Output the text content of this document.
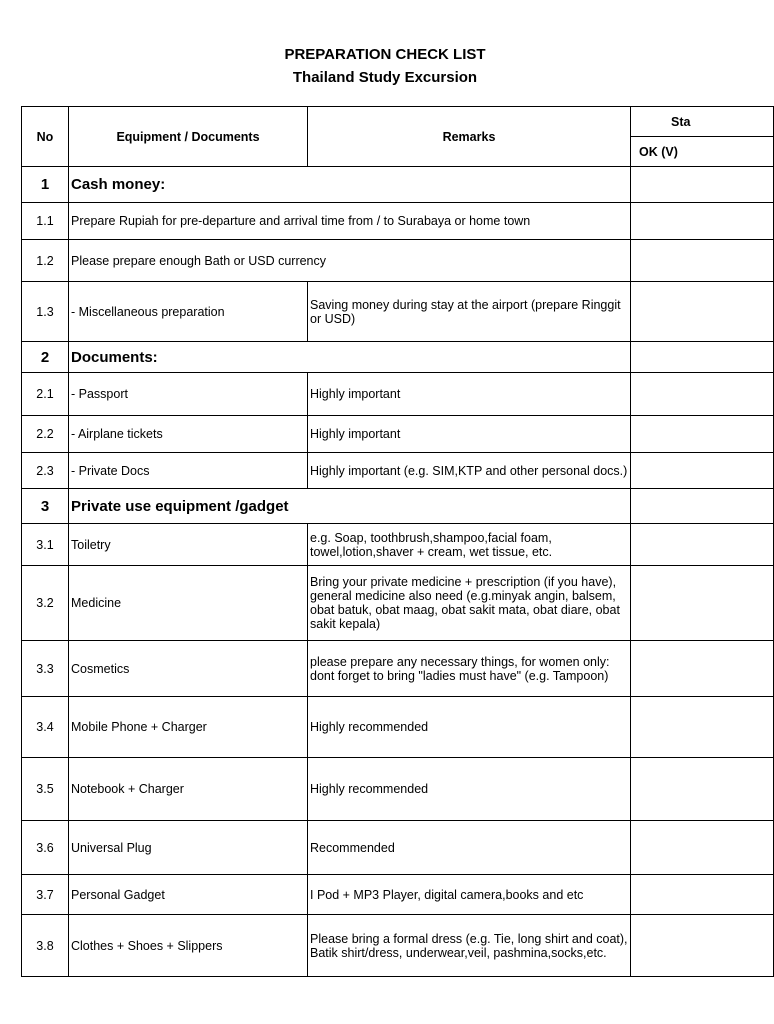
PREPARATION CHECK LIST
Thailand Study Excursion
No	Equipment / Documents	Remarks	Sta
			OK (V)
1	Cash money:		
1.1	Prepare Rupiah for pre-departure and arrival time from / to Surabaya or home town		
1.2	Please prepare enough Bath or USD currency		
1.3	- Miscellaneous preparation	Saving money during stay at the airport (prepare Ringgit or USD)	
2	Documents:		
2.1	- Passport	Highly important	
2.2	- Airplane tickets	Highly important	
2.3	- Private Docs	Highly important (e.g. SIM,KTP and other personal docs.)	
3	Private use equipment /gadget		
3.1	Toiletry	e.g. Soap, toothbrush,shampoo,facial foam, towel,lotion,shaver + cream, wet tissue, etc.	
3.2	Medicine	Bring your private medicine + prescription (if you have), general medicine also need (e.g.minyak angin, balsem, obat batuk, obat maag, obat sakit mata, obat diare, obat sakit kepala)	
3.3	Cosmetics	please prepare any necessary things, for women only: dont forget to bring "ladies must have" (e.g. Tampoon)	
3.4	Mobile Phone + Charger	Highly recommended	
3.5	Notebook + Charger	Highly recommended	
3.6	Universal Plug	Recommended	
3.7	Personal Gadget	I Pod + MP3 Player, digital camera,books and etc	
3.8	Clothes + Shoes + Slippers	Please bring a formal dress (e.g. Tie, long shirt and coat), Batik shirt/dress, underwear,veil, pashmina,socks,etc.	
